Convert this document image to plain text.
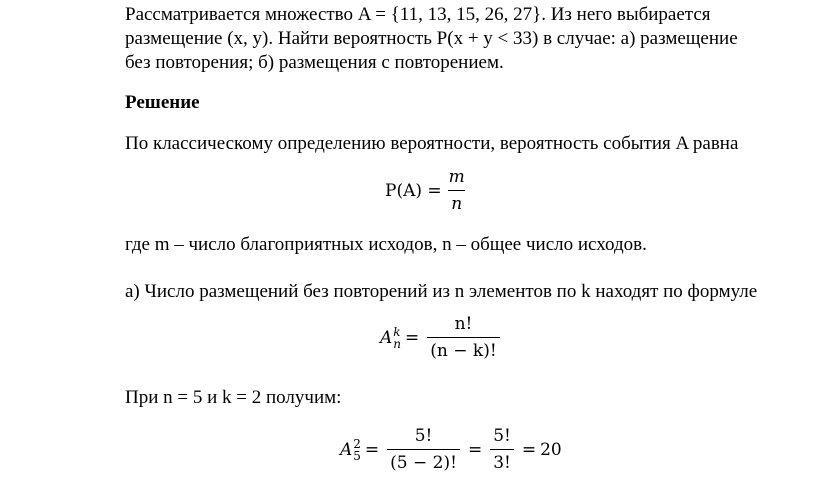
Рассматривается множество A = {11, 13, 15, 26, 27}. Из него выбирается

размещение (x, y). Найти вероятность P(x + y < 33) в случае: а) размещение

без повторения; б) размещения с повторением.

Решение

По классическому определению вероятности, вероятность события A равна

$P(A) = \frac{m}{n}$

где m – число благоприятных исходов, n – общее число исходов.

а) Число размещений без повторений из n элементов по k находят по формуле

A k
$n = \frac{n!}{(n - k)!}$

При n = 5 и k = 2 получим:

A 2
$5 = \frac{5!}{(5 - 2)!} = \frac{5!}{3!} = 20$
